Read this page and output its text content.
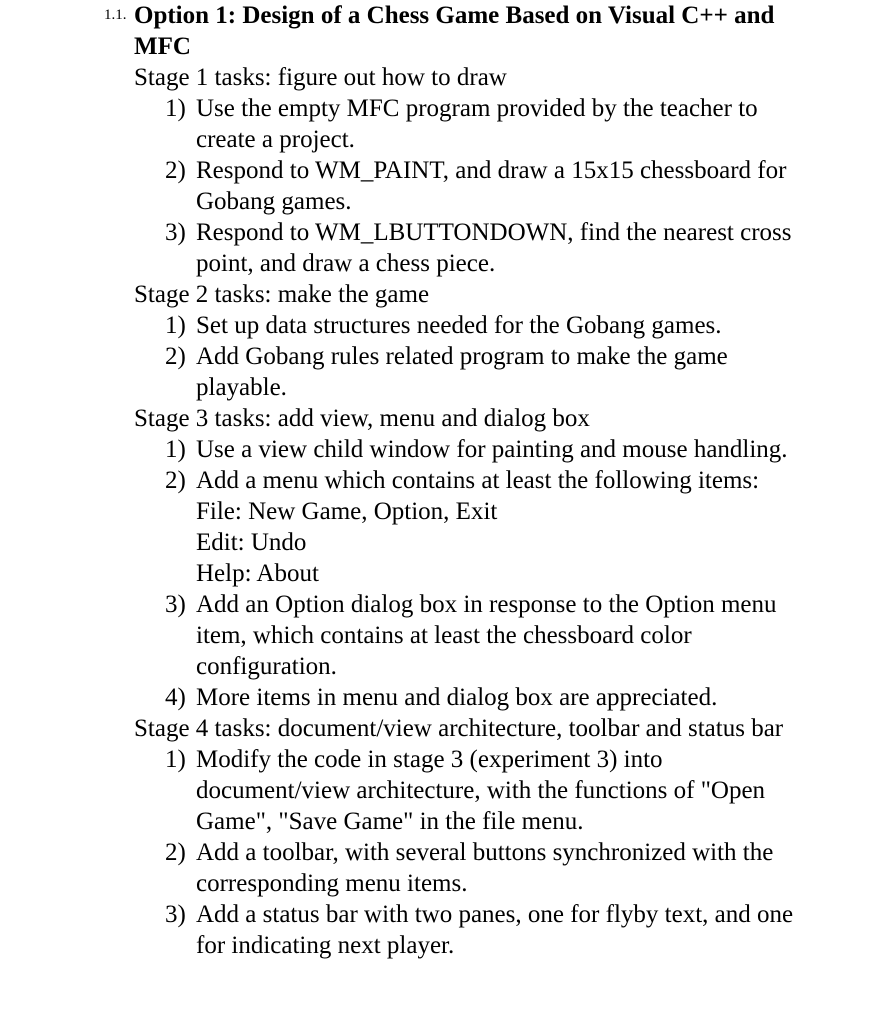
1.1. Option 1: Design of a Chess Game Based on Visual C++ and MFC
Stage 1 tasks: figure out how to draw
1) Use the empty MFC program provided by the teacher to create a project.
2) Respond to WM_PAINT, and draw a 15x15 chessboard for Gobang games.
3) Respond to WM_LBUTTONDOWN, find the nearest cross point, and draw a chess piece.
Stage 2 tasks: make the game
1) Set up data structures needed for the Gobang games.
2) Add Gobang rules related program to make the game playable.
Stage 3 tasks: add view, menu and dialog box
1) Use a view child window for painting and mouse handling.
2) Add a menu which contains at least the following items:
File: New Game, Option, Exit
Edit: Undo
Help: About
3) Add an Option dialog box in response to the Option menu item, which contains at least the chessboard color configuration.
4) More items in menu and dialog box are appreciated.
Stage 4 tasks: document/view architecture, toolbar and status bar
1) Modify the code in stage 3 (experiment 3) into document/view architecture, with the functions of "Open Game", "Save Game" in the file menu.
2) Add a toolbar, with several buttons synchronized with the corresponding menu items.
3) Add a status bar with two panes, one for flyby text, and one for indicating next player.
